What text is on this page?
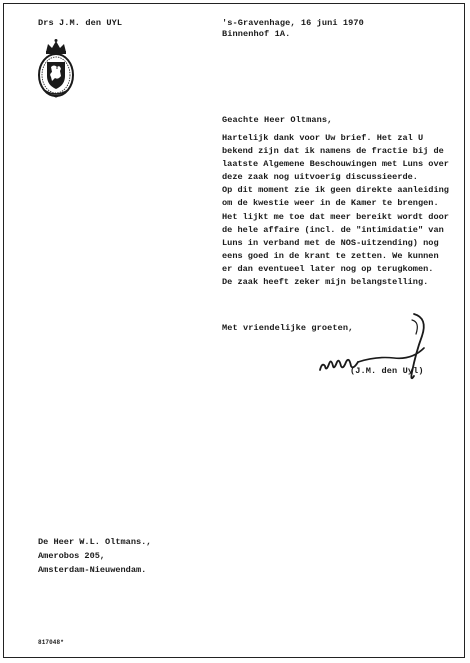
Drs J.M. den UYL	's-Gravenhage, 16 juni 1970
Binnenhof 1A.
Geachte Heer Oltmans,
Hartelijk dank voor Uw brief. Het zal U
bekend zijn dat ik namens de fractie bij de
laatste Algemene Beschouwingen met Luns over
deze zaak nog uitvoerig discussieerde.
Op dit moment zie ik geen direkte aanleiding
om de kwestie weer in de Kamer te brengen.
Het lijkt me toe dat meer bereikt wordt door
de hele affaire (incl. de "intimidatie" van
Luns in verband met de NOS-uitzending) nog
eens goed in de krant te zetten. We kunnen
er dan eventueel later nog op terugkomen.
De zaak heeft zeker mijn belangstelling.
Met vriendelijke groeten,
(J.M. den Uyl)
De Heer W.L. Oltmans.,
Amerobos 205,
Amsterdam-Nieuwendam.
817048*
